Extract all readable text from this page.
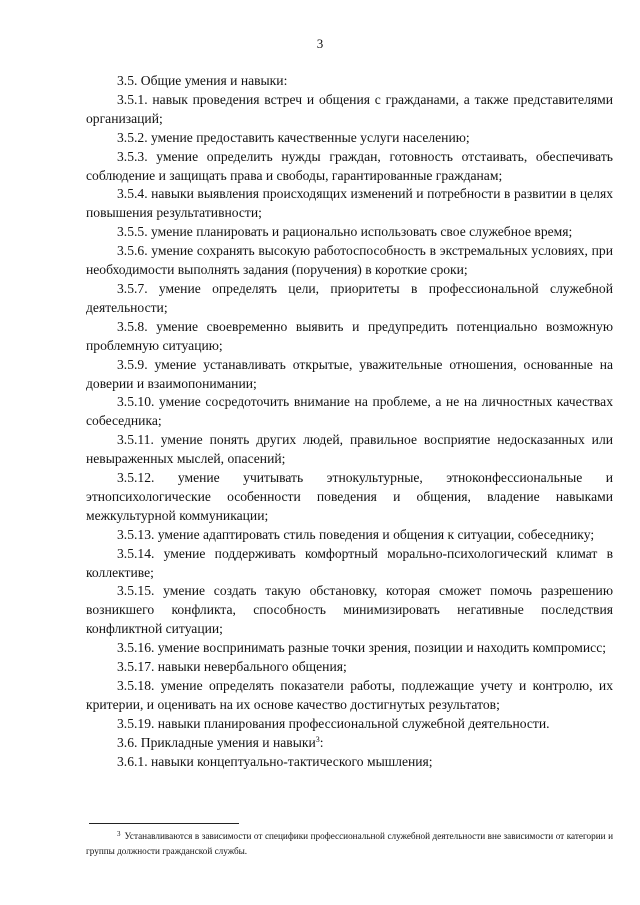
3

3.5. Общие умения и навыки:

3.5.1. навык проведения встреч и общения с гражданами, а также представителями организаций;

3.5.2. умение предоставить качественные услуги населению;

3.5.3. умение определить нужды граждан, готовность отстаивать, обеспечивать соблюдение и защищать права и свободы, гарантированные гражданам;

3.5.4. навыки выявления происходящих изменений и потребности в развитии в целях повышения результативности;

3.5.5. умение планировать и рационально использовать свое служебное время;

3.5.6. умение сохранять высокую работоспособность в экстремальных условиях, при необходимости выполнять задания (поручения) в короткие сроки;

3.5.7. умение определять цели, приоритеты в профессиональной служебной деятельности;

3.5.8. умение своевременно выявить и предупредить потенциально возможную проблемную ситуацию;

3.5.9. умение устанавливать открытые, уважительные отношения, основанные на доверии и взаимопонимании;

3.5.10. умение сосредоточить внимание на проблеме, а не на личностных качествах собеседника;

3.5.11. умение понять других людей, правильное восприятие недосказанных или невыраженных мыслей, опасений;

3.5.12. умение учитывать этнокультурные, этноконфессиональные и этнопсихологические особенности поведения и общения, владение навыками межкультурной коммуникации;

3.5.13. умение адаптировать стиль поведения и общения к ситуации, собеседнику;

3.5.14. умение поддерживать комфортный морально-психологический климат в коллективе;

3.5.15. умение создать такую обстановку, которая сможет помочь разрешению возникшего конфликта, способность минимизировать негативные последствия конфликтной ситуации;

3.5.16. умение воспринимать разные точки зрения, позиции и находить компромисс;

3.5.17. навыки невербального общения;

3.5.18. умение определять показатели работы, подлежащие учету и контролю, их критерии, и оценивать на их основе качество достигнутых результатов;

3.5.19. навыки планирования профессиональной служебной деятельности.

3.6. Прикладные умения и навыки$^3$:

3.6.1. навыки концептуально-тактического мышления;

$^3$ Устанавливаются в зависимости от специфики профессиональной служебной деятельности вне зависимости от категории и группы должности гражданской службы.
